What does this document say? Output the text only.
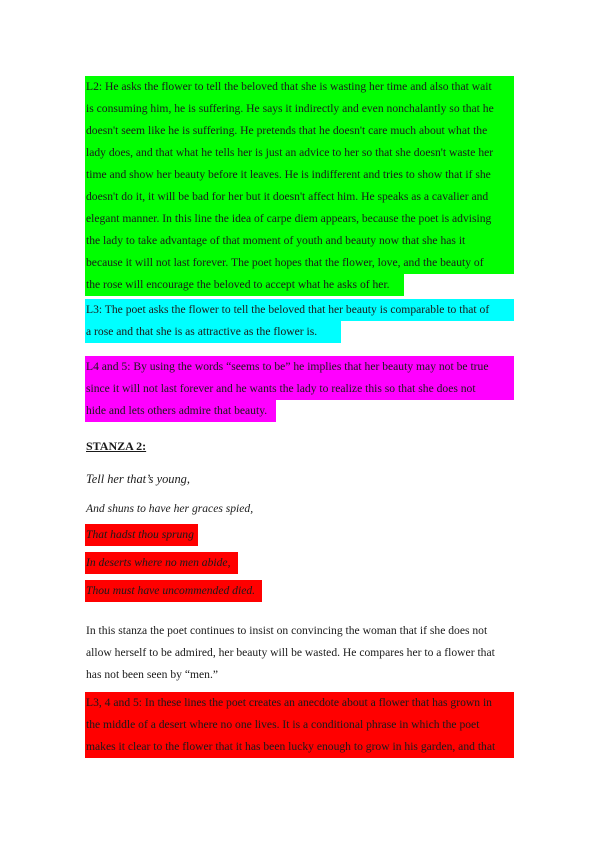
L2: He asks the flower to tell the beloved that she is wasting her time and also that wait
is consuming him, he is suffering. He says it indirectly and even nonchalantly so that he
doesn't seem like he is suffering. He pretends that he doesn't care much about what the
lady does, and that what he tells her is just an advice to her so that she doesn't waste her
time and show her beauty before it leaves. He is indifferent and tries to show that if she
doesn't do it, it will be bad for her but it doesn't affect him. He speaks as a cavalier and
elegant manner. In this line the idea of carpe diem appears, because the poet is advising
the lady to take advantage of that moment of youth and beauty now that she has it
because it will not last forever. The poet hopes that the flower, love, and the beauty of
the rose will encourage the beloved to accept what he asks of her.
L3: The poet asks the flower to tell the beloved that her beauty is comparable to that of
a rose and that she is as attractive as the flower is.
L4 and 5: By using the words “seems to be” he implies that her beauty may not be true
since it will not last forever and he wants the lady to realize this so that she does not
hide and lets others admire that beauty.
STANZA 2:
Tell her that’s young,
And shuns to have her graces spied,
That hadst thou sprung
In deserts where no men abide,
Thou must have uncommended died.
In this stanza the poet continues to insist on convincing the woman that if she does not
allow herself to be admired, her beauty will be wasted. He compares her to a flower that
has not been seen by “men.”
L3, 4 and 5: In these lines the poet creates an anecdote about a flower that has grown in
the middle of a desert where no one lives. It is a conditional phrase in which the poet
makes it clear to the flower that it has been lucky enough to grow in his garden, and that
